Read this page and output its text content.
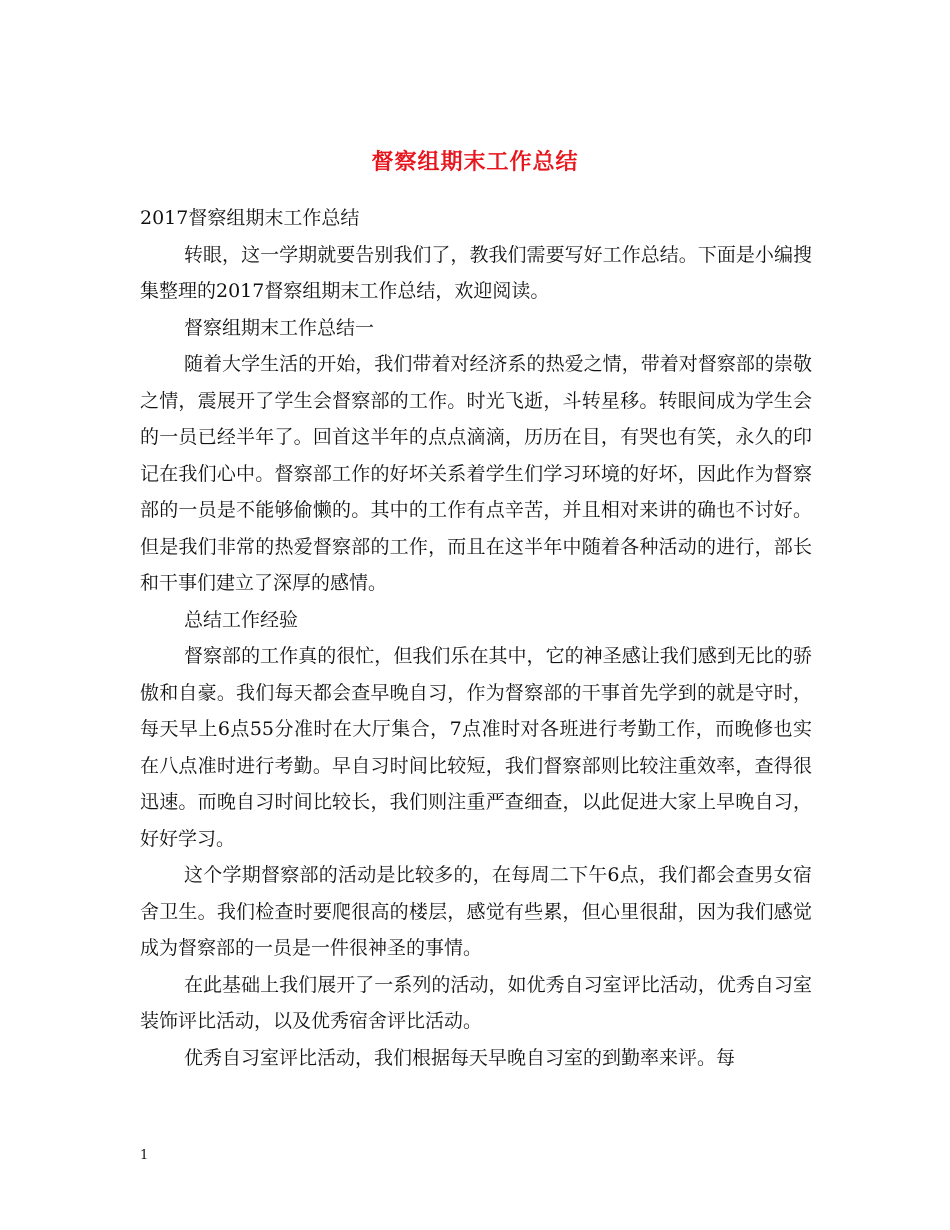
督察组期末工作总结

2017督察组期末工作总结

转眼，这一学期就要告别我们了，教我们需要写好工作总结。下面是小编搜集整理的2017督察组期末工作总结，欢迎阅读。

督察组期末工作总结一

随着大学生活的开始，我们带着对经济系的热爱之情，带着对督察部的崇敬之情，震展开了学生会督察部的工作。时光飞逝，斗转星移。转眼间成为学生会的一员已经半年了。回首这半年的点点滴滴，历历在目，有哭也有笑，永久的印记在我们心中。督察部工作的好坏关系着学生们学习环境的好坏，因此作为督察部的一员是不能够偷懒的。其中的工作有点辛苦，并且相对来讲的确也不讨好。但是我们非常的热爱督察部的工作，而且在这半年中随着各种活动的进行，部长和干事们建立了深厚的感情。

总结工作经验

督察部的工作真的很忙，但我们乐在其中，它的神圣感让我们感到无比的骄傲和自豪。我们每天都会查早晚自习，作为督察部的干事首先学到的就是守时，每天早上6点55分准时在大厅集合，7点准时对各班进行考勤工作，而晚修也实在八点准时进行考勤。早自习时间比较短，我们督察部则比较注重效率，查得很迅速。而晚自习时间比较长，我们则注重严查细查，以此促进大家上早晚自习，好好学习。

这个学期督察部的活动是比较多的，在每周二下午6点，我们都会查男女宿舍卫生。我们检查时要爬很高的楼层，感觉有些累，但心里很甜，因为我们感觉成为督察部的一员是一件很神圣的事情。

在此基础上我们展开了一系列的活动，如优秀自习室评比活动，优秀自习室装饰评比活动，以及优秀宿舍评比活动。

优秀自习室评比活动，我们根据每天早晚自习室的到勤率来评。每

1
